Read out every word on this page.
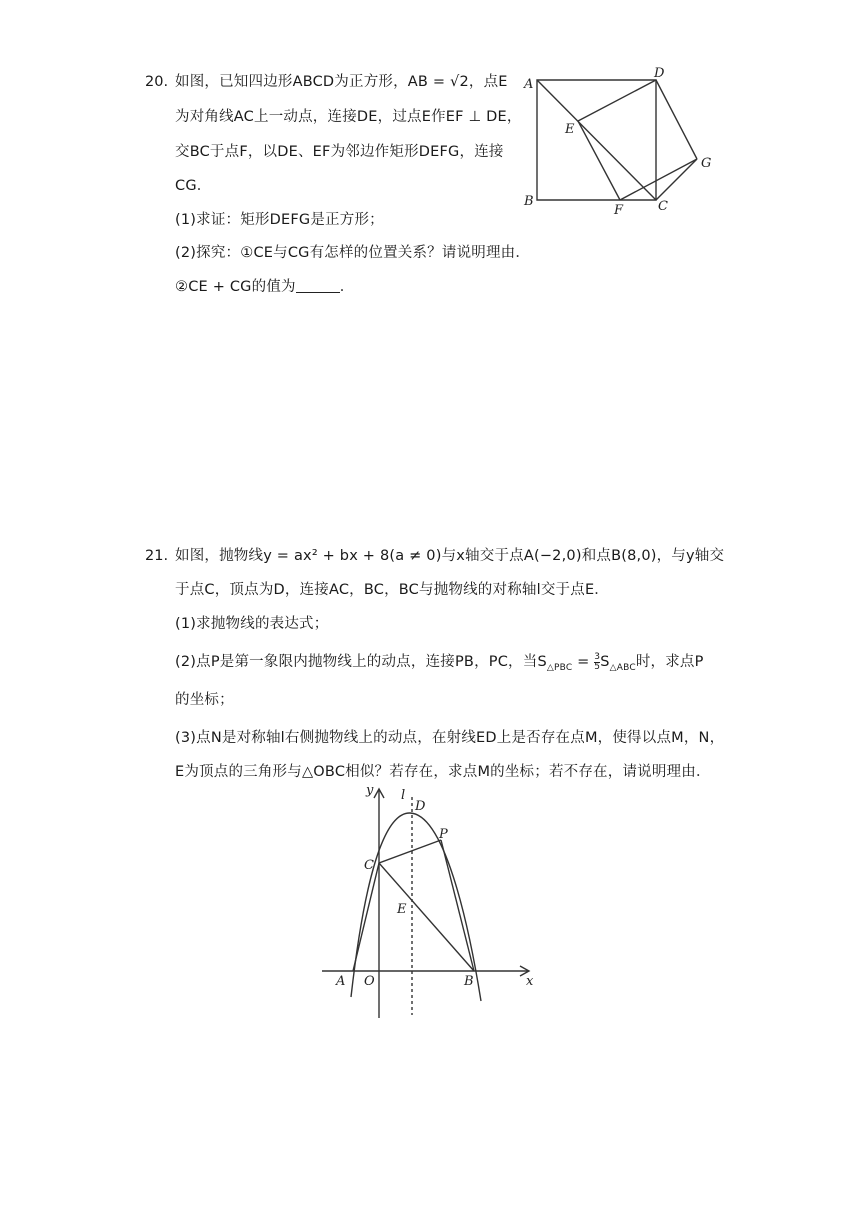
20. 如图，已知四边形ABCD为正方形，AB = √2，点E
为对角线AC上一动点，连接DE，过点E作EF ⊥ DE，
交BC于点F，以DE、EF为邻边作矩形DEFG，连接
CG．
(1)求证：矩形DEFG是正方形；
(2)探究：①CE与CG有怎样的位置关系？请说明理由．
②CE + CG的值为	．
A
D
E
G
B
F	C
21. 如图，抛物线y = ax² + bx + 8(a ≠ 0)与x轴交于点A(−2,0)和点B(8,0)，与y轴交
于点C，顶点为D，连接AC，BC，BC与抛物线的对称轴l交于点E．
(1)求抛物线的表达式；
(2)点P是第一象限内抛物线上的动点，连接PB，PC，当$S_{\triangle PBC} = \frac{3}{5} S_{\triangle ABC}$时，求点P
的坐标；
(3)点N是对称轴l右侧抛物线上的动点，在射线ED上是否存在点M，使得以点M，N，
E为顶点的三角形与△OBC相似？若存在，求点M的坐标；若不存在，请说明理由．
y l
D
P
C
E
A O	B	x
